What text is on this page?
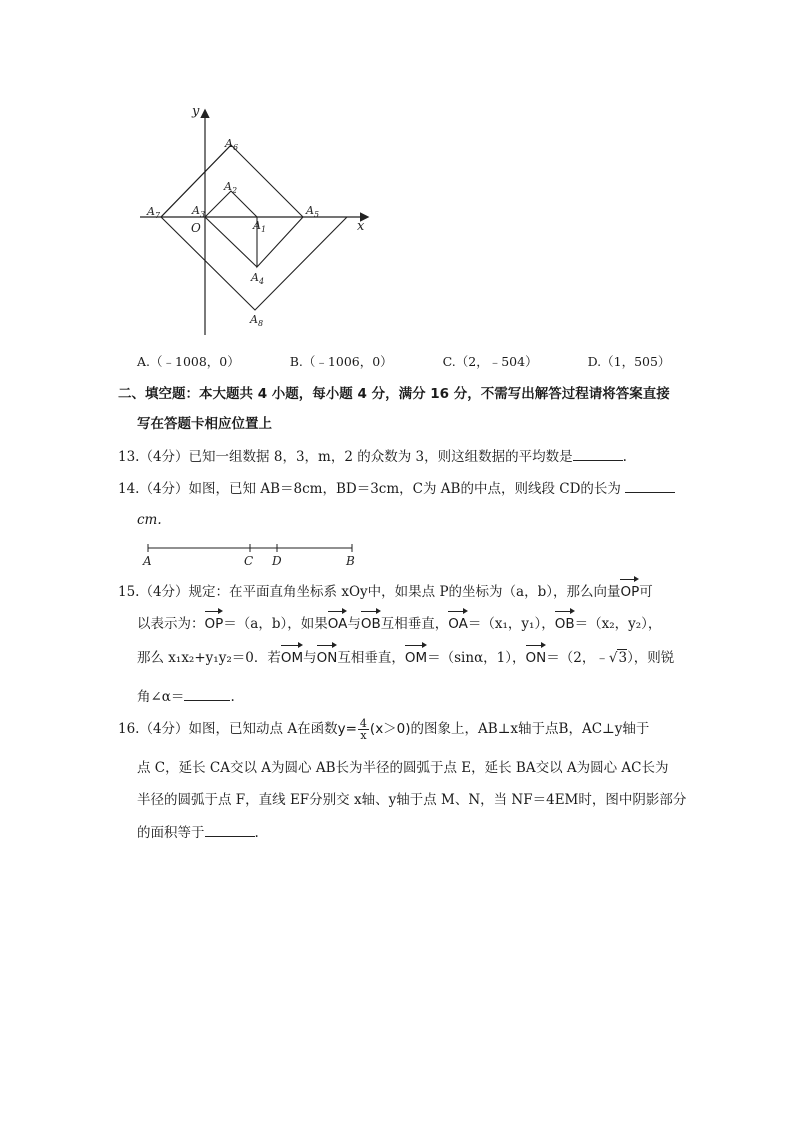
y
x
O
$A_6$
$A_2$
$A_7$	$A_3$	$A_5$
$A_1$
$A_4$
$A_8$
A.（﹣1008，0）	B.（﹣1006，0）	C.（2，﹣504）	D.（1，505）
二、填空题：本大题共 4 小题，每小题 4 分，满分 16 分，不需写出解答过程请将答案直接
写在答题卡相应位置上
13.（4分）已知一组数据 8，3，m，2 的众数为 3，则这组数据的平均数是	.
14.（4分）如图，已知 AB＝8cm，BD＝3cm，C为 AB的中点，则线段 CD的长为
cm.
A	C D	B
15.（4分）规定：在平面直角坐标系 xOy中，如果点 P的坐标为（a，b），那么向量OP可
以表示为：OP＝（a，b），如果OA与OB互相垂直，OA＝（x₁，y₁），OB＝（x₂，y₂），
那么 x₁x₂+y₁y₂＝0．若OM与ON互相垂直，OM＝（sinα，1），ON＝（2，﹣√3），则锐
角∠α＝	.
16.（4分）如图，已知动点 A在函数$y= \frac{4}{x} (x>0)$的图象上，AB⊥x轴于点B，AC⊥y轴于
点 C，延长 CA交以 A为圆心 AB长为半径的圆弧于点 E，延长 BA交以 A为圆心 AC长为
半径的圆弧于点 F，直线 EF分别交 x轴、y轴于点 M、N，当 NF＝4EM时，图中阴影部分
的面积等于	.
